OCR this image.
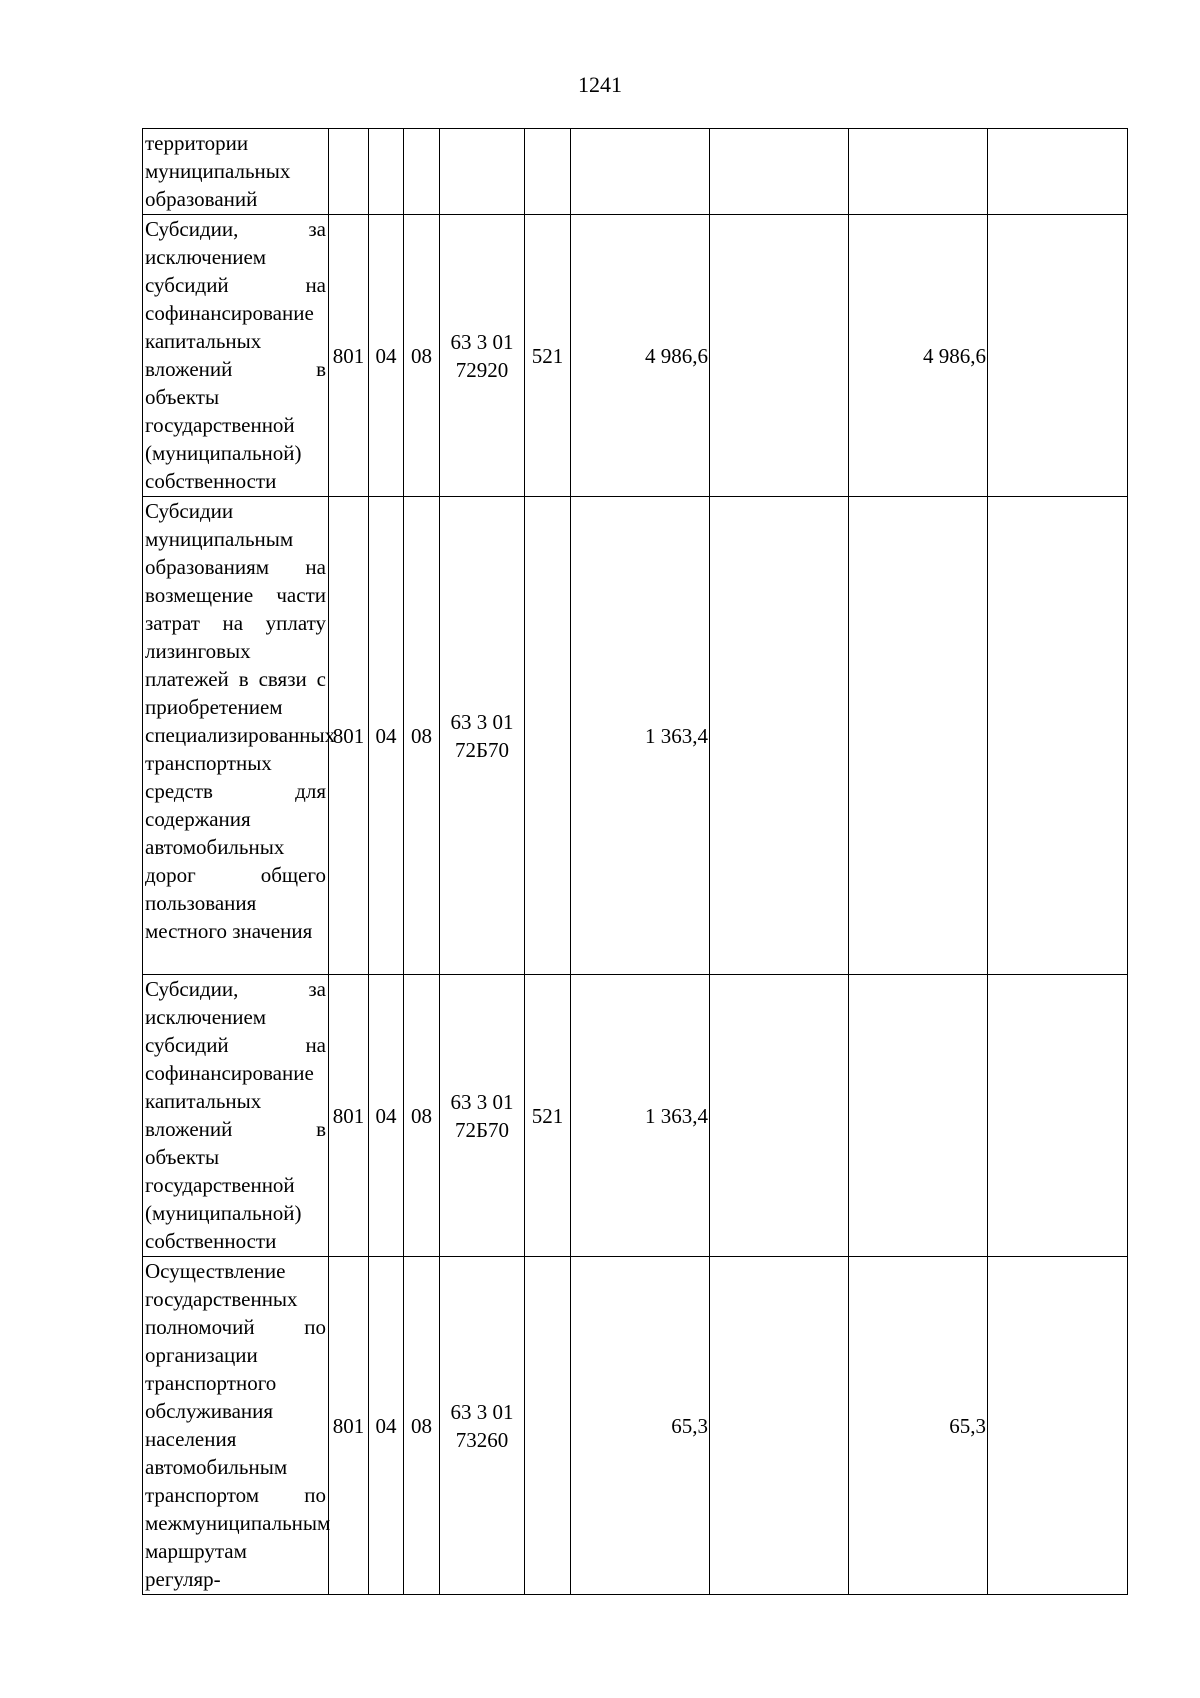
1241
территории муниципальных образований									

Субсидии, за исключением субсидий на софинансирование капитальных вложений в объекты государственной (муниципальной) собственности	801	04	08	63 3 01 72920	521	4 986,6		4 986,6	

Субсидии муниципальным образованиям на возмещение части затрат на уплату лизинговых платежей в связи с приобретением специализированных транспортных средств для содержания автомобильных дорог общего пользования местного значения	801	04	08	63 3 01 72Б70		1 363,4			

Субсидии, за исключением субсидий на софинансирование капитальных вложений в объекты государственной (муниципальной) собственности	801	04	08	63 3 01 72Б70	521	1 363,4			

Осуществление государственных полномочий по организации транспортного обслуживания населения автомобильным транспортом по межмуниципальным маршрутам регуляр-	801	04	08	63 3 01 73260		65,3		65,3	
